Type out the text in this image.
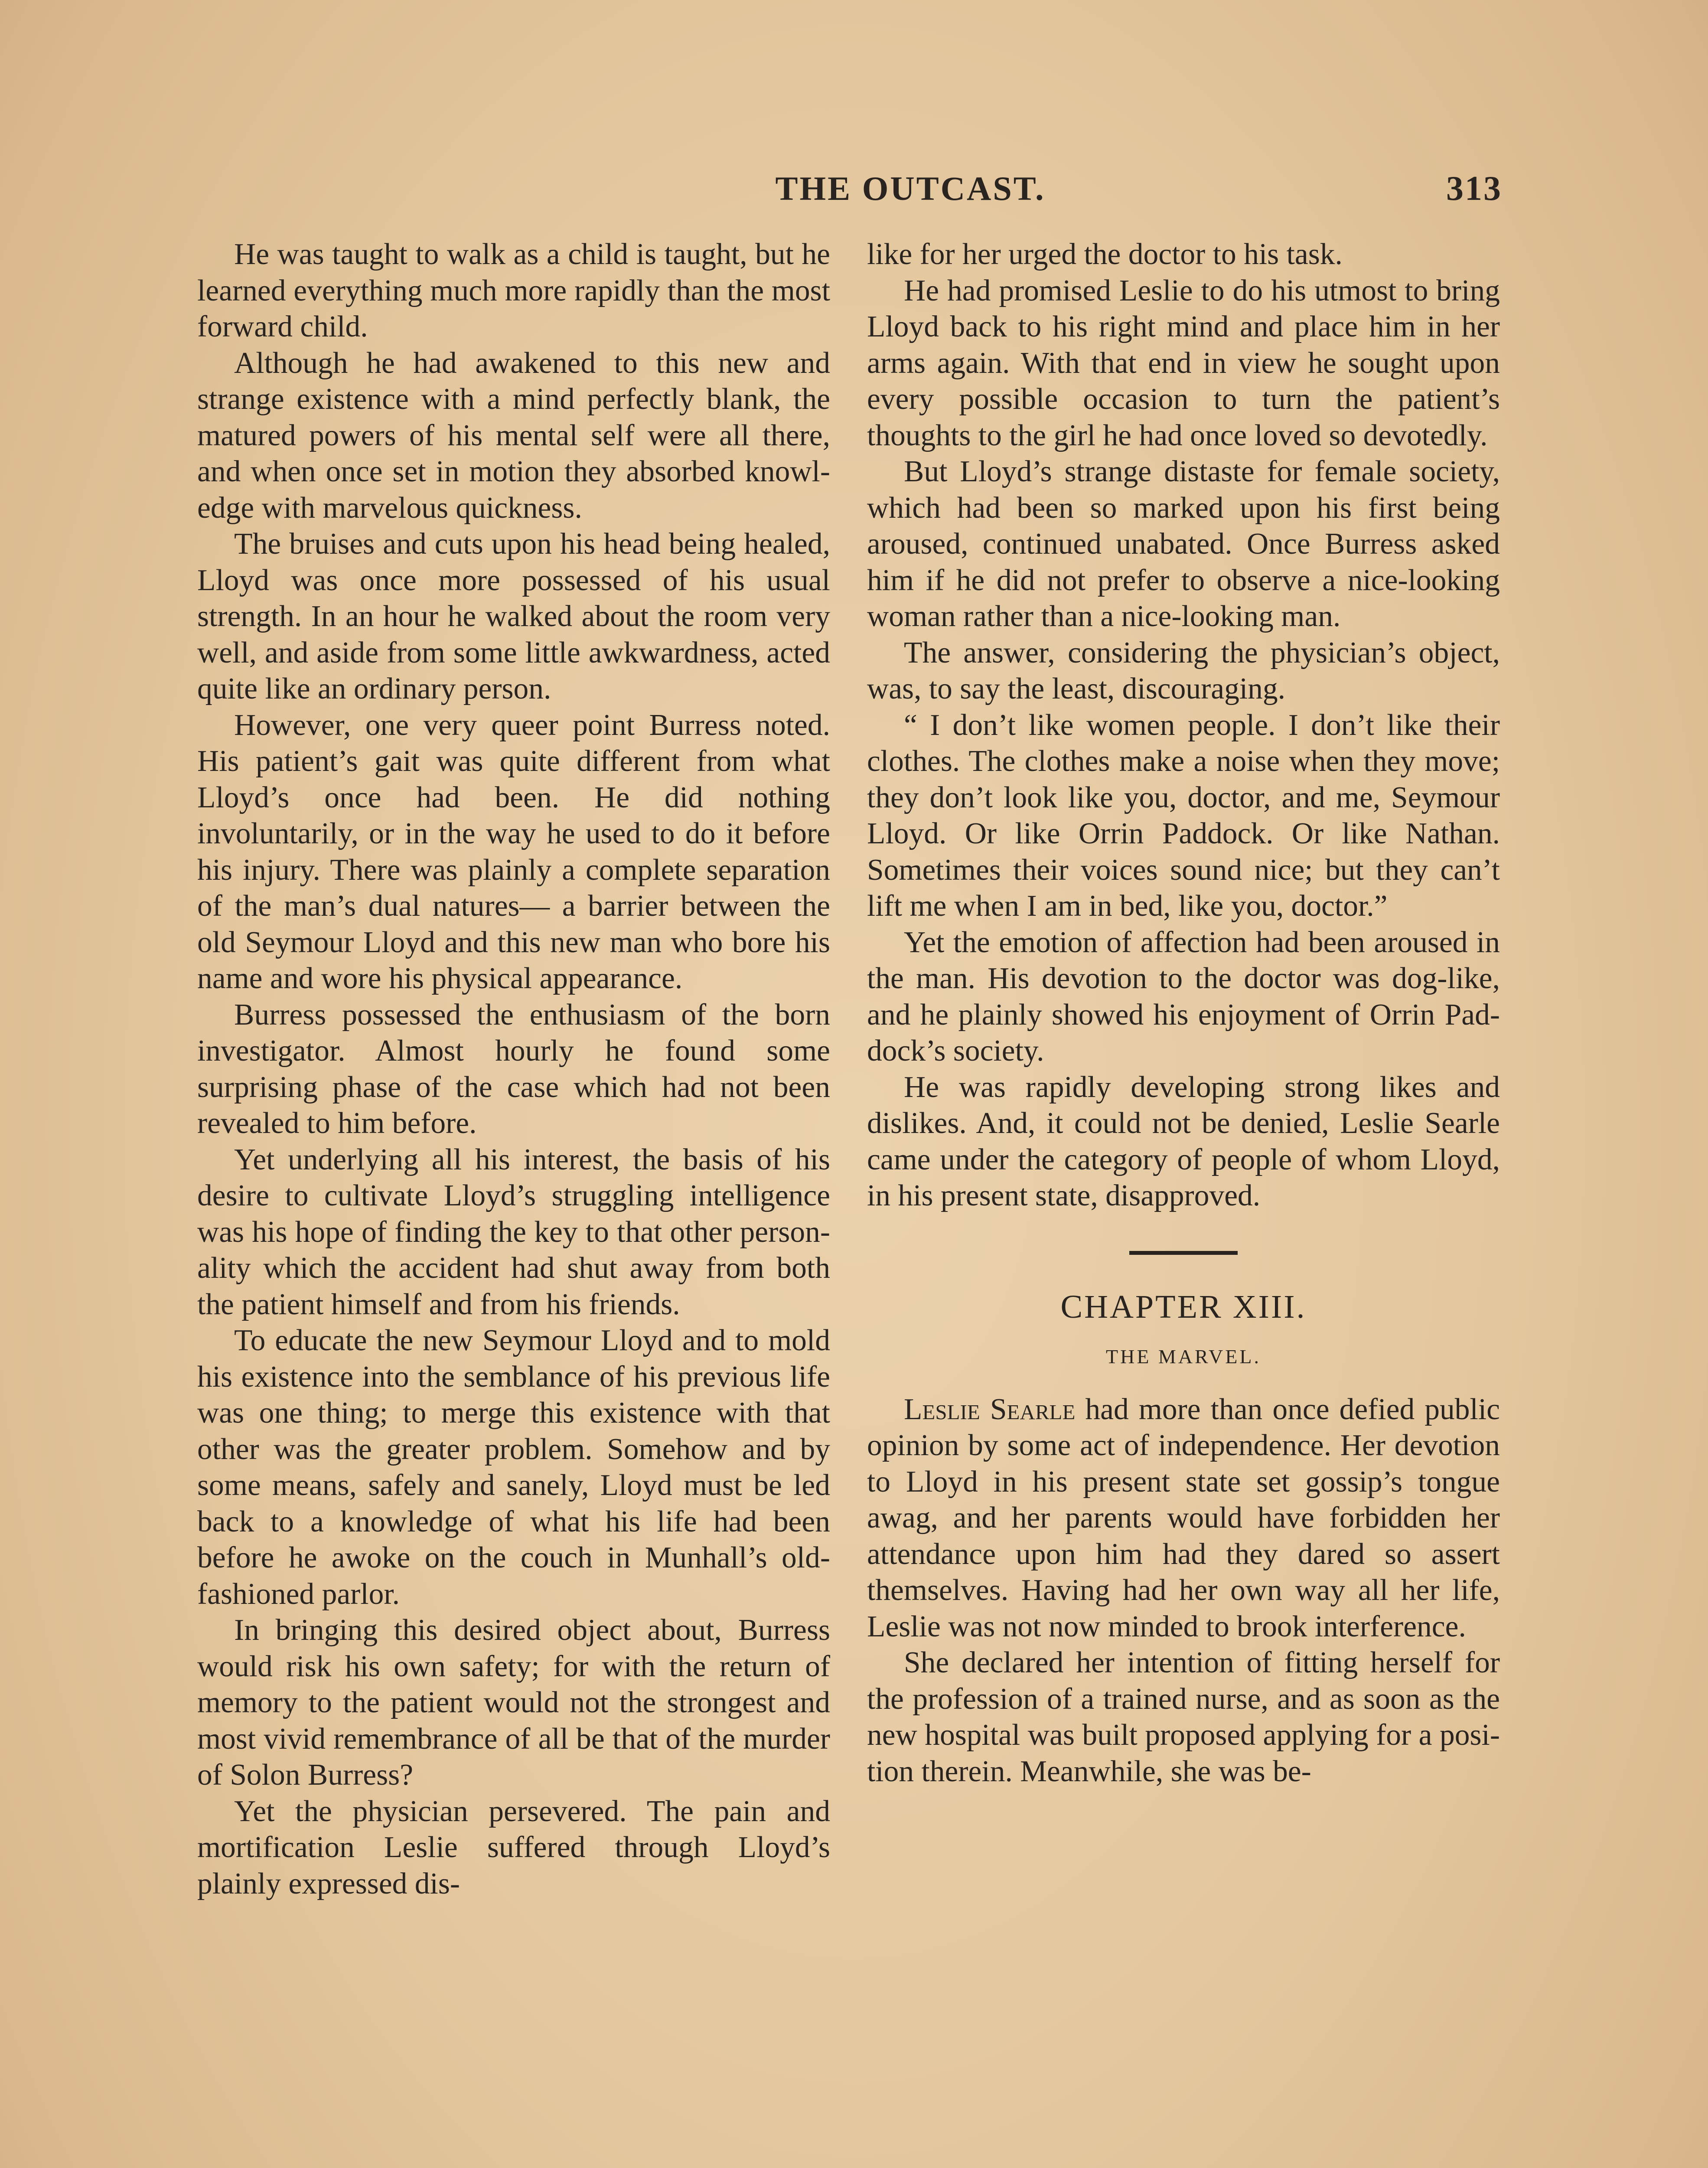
THE OUTCAST.	313

He was taught to walk as a child is taught, but he learned everything much more rapidly than the most forward child.

Although he had awakened to this new and strange existence with a mind perfectly blank, the matured powers of his mental self were all there, and when once set in motion they absorbed knowledge with marvelous quickness.

The bruises and cuts upon his head being healed, Lloyd was once more possessed of his usual strength. In an hour he walked about the room very well, and aside from some little awkwardness, acted quite like an ordinary person.

However, one very queer point Burress noted. His patient’s gait was quite different from what Lloyd’s once had been. He did nothing involuntarily, or in the way he used to do it before his injury. There was plainly a complete separation of the man’s dual natures— a barrier between the old Seymour Lloyd and this new man who bore his name and wore his physical appearance.

Burress possessed the enthusiasm of the born investigator. Almost hourly he found some surprising phase of the case which had not been revealed to him before.

Yet underlying all his interest, the basis of his desire to cultivate Lloyd’s struggling intelligence was his hope of finding the key to that other personality which the accident had shut away from both the patient himself and from his friends.

To educate the new Seymour Lloyd and to mold his existence into the semblance of his previous life was one thing; to merge this existence with that other was the greater problem. Somehow and by some means, safely and sanely, Lloyd must be led back to a knowledge of what his life had been before he awoke on the couch in Munhall’s old-fashioned parlor.

In bringing this desired object about, Burress would risk his own safety; for with the return of memory to the patient would not the strongest and most vivid remembrance of all be that of the murder of Solon Burress?

Yet the physician persevered. The pain and mortification Leslie suffered through Lloyd’s plainly expressed dis-

like for her urged the doctor to his task.

He had promised Leslie to do his utmost to bring Lloyd back to his right mind and place him in her arms again. With that end in view he sought upon every possible occasion to turn the patient’s thoughts to the girl he had once loved so devotedly.

But Lloyd’s strange distaste for female society, which had been so marked upon his first being aroused, continued unabated. Once Burress asked him if he did not prefer to observe a nice-looking woman rather than a nice-looking man.

The answer, considering the physician’s object, was, to say the least, discouraging.

“ I don’t like women people. I don’t like their clothes. The clothes make a noise when they move; they don’t look like you, doctor, and me, Seymour Lloyd. Or like Orrin Paddock. Or like Nathan. Sometimes their voices sound nice; but they can’t lift me when I am in bed, like you, doctor.”

Yet the emotion of affection had been aroused in the man. His devotion to the doctor was dog-like, and he plainly showed his enjoyment of Orrin Paddock’s society.

He was rapidly developing strong likes and dislikes. And, it could not be denied, Leslie Searle came under the category of people of whom Lloyd, in his present state, disapproved.

CHAPTER XIII.
THE MARVEL.

Leslie Searle had more than once defied public opinion by some act of independence. Her devotion to Lloyd in his present state set gossip’s tongue awag, and her parents would have forbidden her attendance upon him had they dared so assert themselves. Having had her own way all her life, Leslie was not now minded to brook interference.

She declared her intention of fitting herself for the profession of a trained nurse, and as soon as the new hospital was built proposed applying for a position therein. Meanwhile, she was be-
